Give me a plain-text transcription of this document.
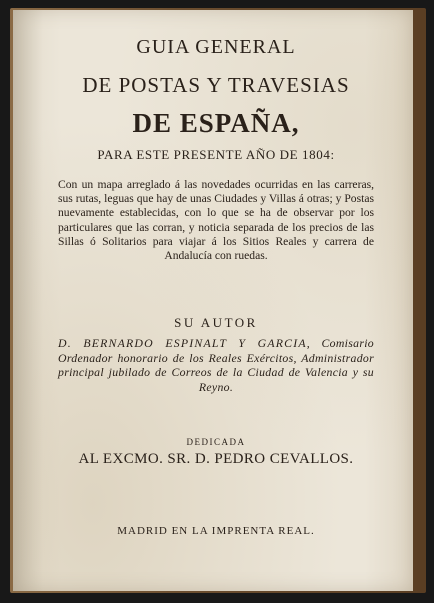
GUIA GENERAL
DE POSTAS Y TRAVESIAS
DE ESPAÑA,
PARA ESTE PRESENTE AÑO DE 1804:
Con un mapa arreglado á las novedades ocurridas en las carreras, sus rutas, leguas que hay de unas Ciudades y Villas á otras; y Postas nuevamente establecidas, con lo que se ha de observar por los particulares que las corran, y noticia separada de los precios de las Sillas ó Solitarios para viajar á los Sitios Reales y carrera de Andalucía con ruedas.
SU AUTOR
D. BERNARDO ESPINALT Y GARCIA, Comisario Ordenador honorario de los Reales Exércitos, Administrador principal jubilado de Correos de la Ciudad de Valencia y su Reyno.
DEDICADA
AL EXCMO. SR. D. PEDRO CEVALLOS.
MADRID EN LA IMPRENTA REAL.
